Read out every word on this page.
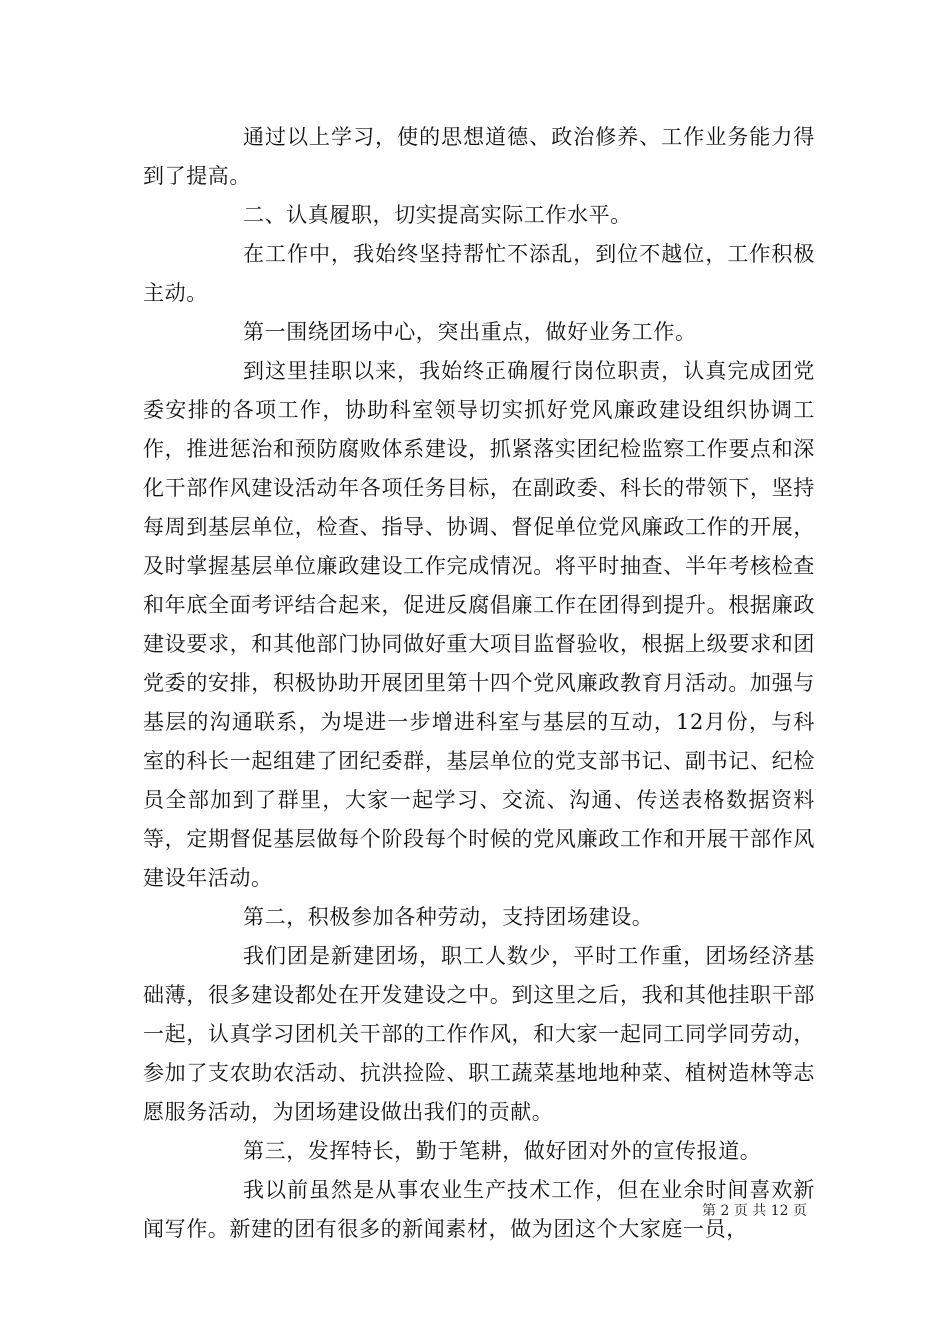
通过以上学习，使的思想道德、政治修养、工作业务能力得到了提高。

二、认真履职，切实提高实际工作水平。

在工作中，我始终坚持帮忙不添乱，到位不越位，工作积极主动。

第一围绕团场中心，突出重点，做好业务工作。

到这里挂职以来，我始终正确履行岗位职责，认真完成团党委安排的各项工作，协助科室领导切实抓好党风廉政建设组织协调工作，推进惩治和预防腐败体系建设，抓紧落实团纪检监察工作要点和深化干部作风建设活动年各项任务目标，在副政委、科长的带领下，坚持每周到基层单位，检查、指导、协调、督促单位党风廉政工作的开展，及时掌握基层单位廉政建设工作完成情况。将平时抽查、半年考核检查和年底全面考评结合起来，促进反腐倡廉工作在团得到提升。根据廉政建设要求，和其他部门协同做好重大项目监督验收，根据上级要求和团党委的安排，积极协助开展团里第十四个党风廉政教育月活动。加强与基层的沟通联系，为堤进一步增进科室与基层的互动，12月份，与科室的科长一起组建了团纪委群，基层单位的党支部书记、副书记、纪检员全部加到了群里，大家一起学习、交流、沟通、传送表格数据资料等，定期督促基层做每个阶段每个时候的党风廉政工作和开展干部作风建设年活动。

第二，积极参加各种劳动，支持团场建设。

我们团是新建团场，职工人数少，平时工作重，团场经济基础薄，很多建设都处在开发建设之中。到这里之后，我和其他挂职干部一起，认真学习团机关干部的工作作风，和大家一起同工同学同劳动，参加了支农助农活动、抗洪捡险、职工蔬菜基地地种菜、植树造林等志愿服务活动，为团场建设做出我们的贡献。

第三，发挥特长，勤于笔耕，做好团对外的宣传报道。

我以前虽然是从事农业生产技术工作，但在业余时间喜欢新闻写作。新建的团有很多的新闻素材，做为团这个大家庭一员，

第 2 页 共 12 页
